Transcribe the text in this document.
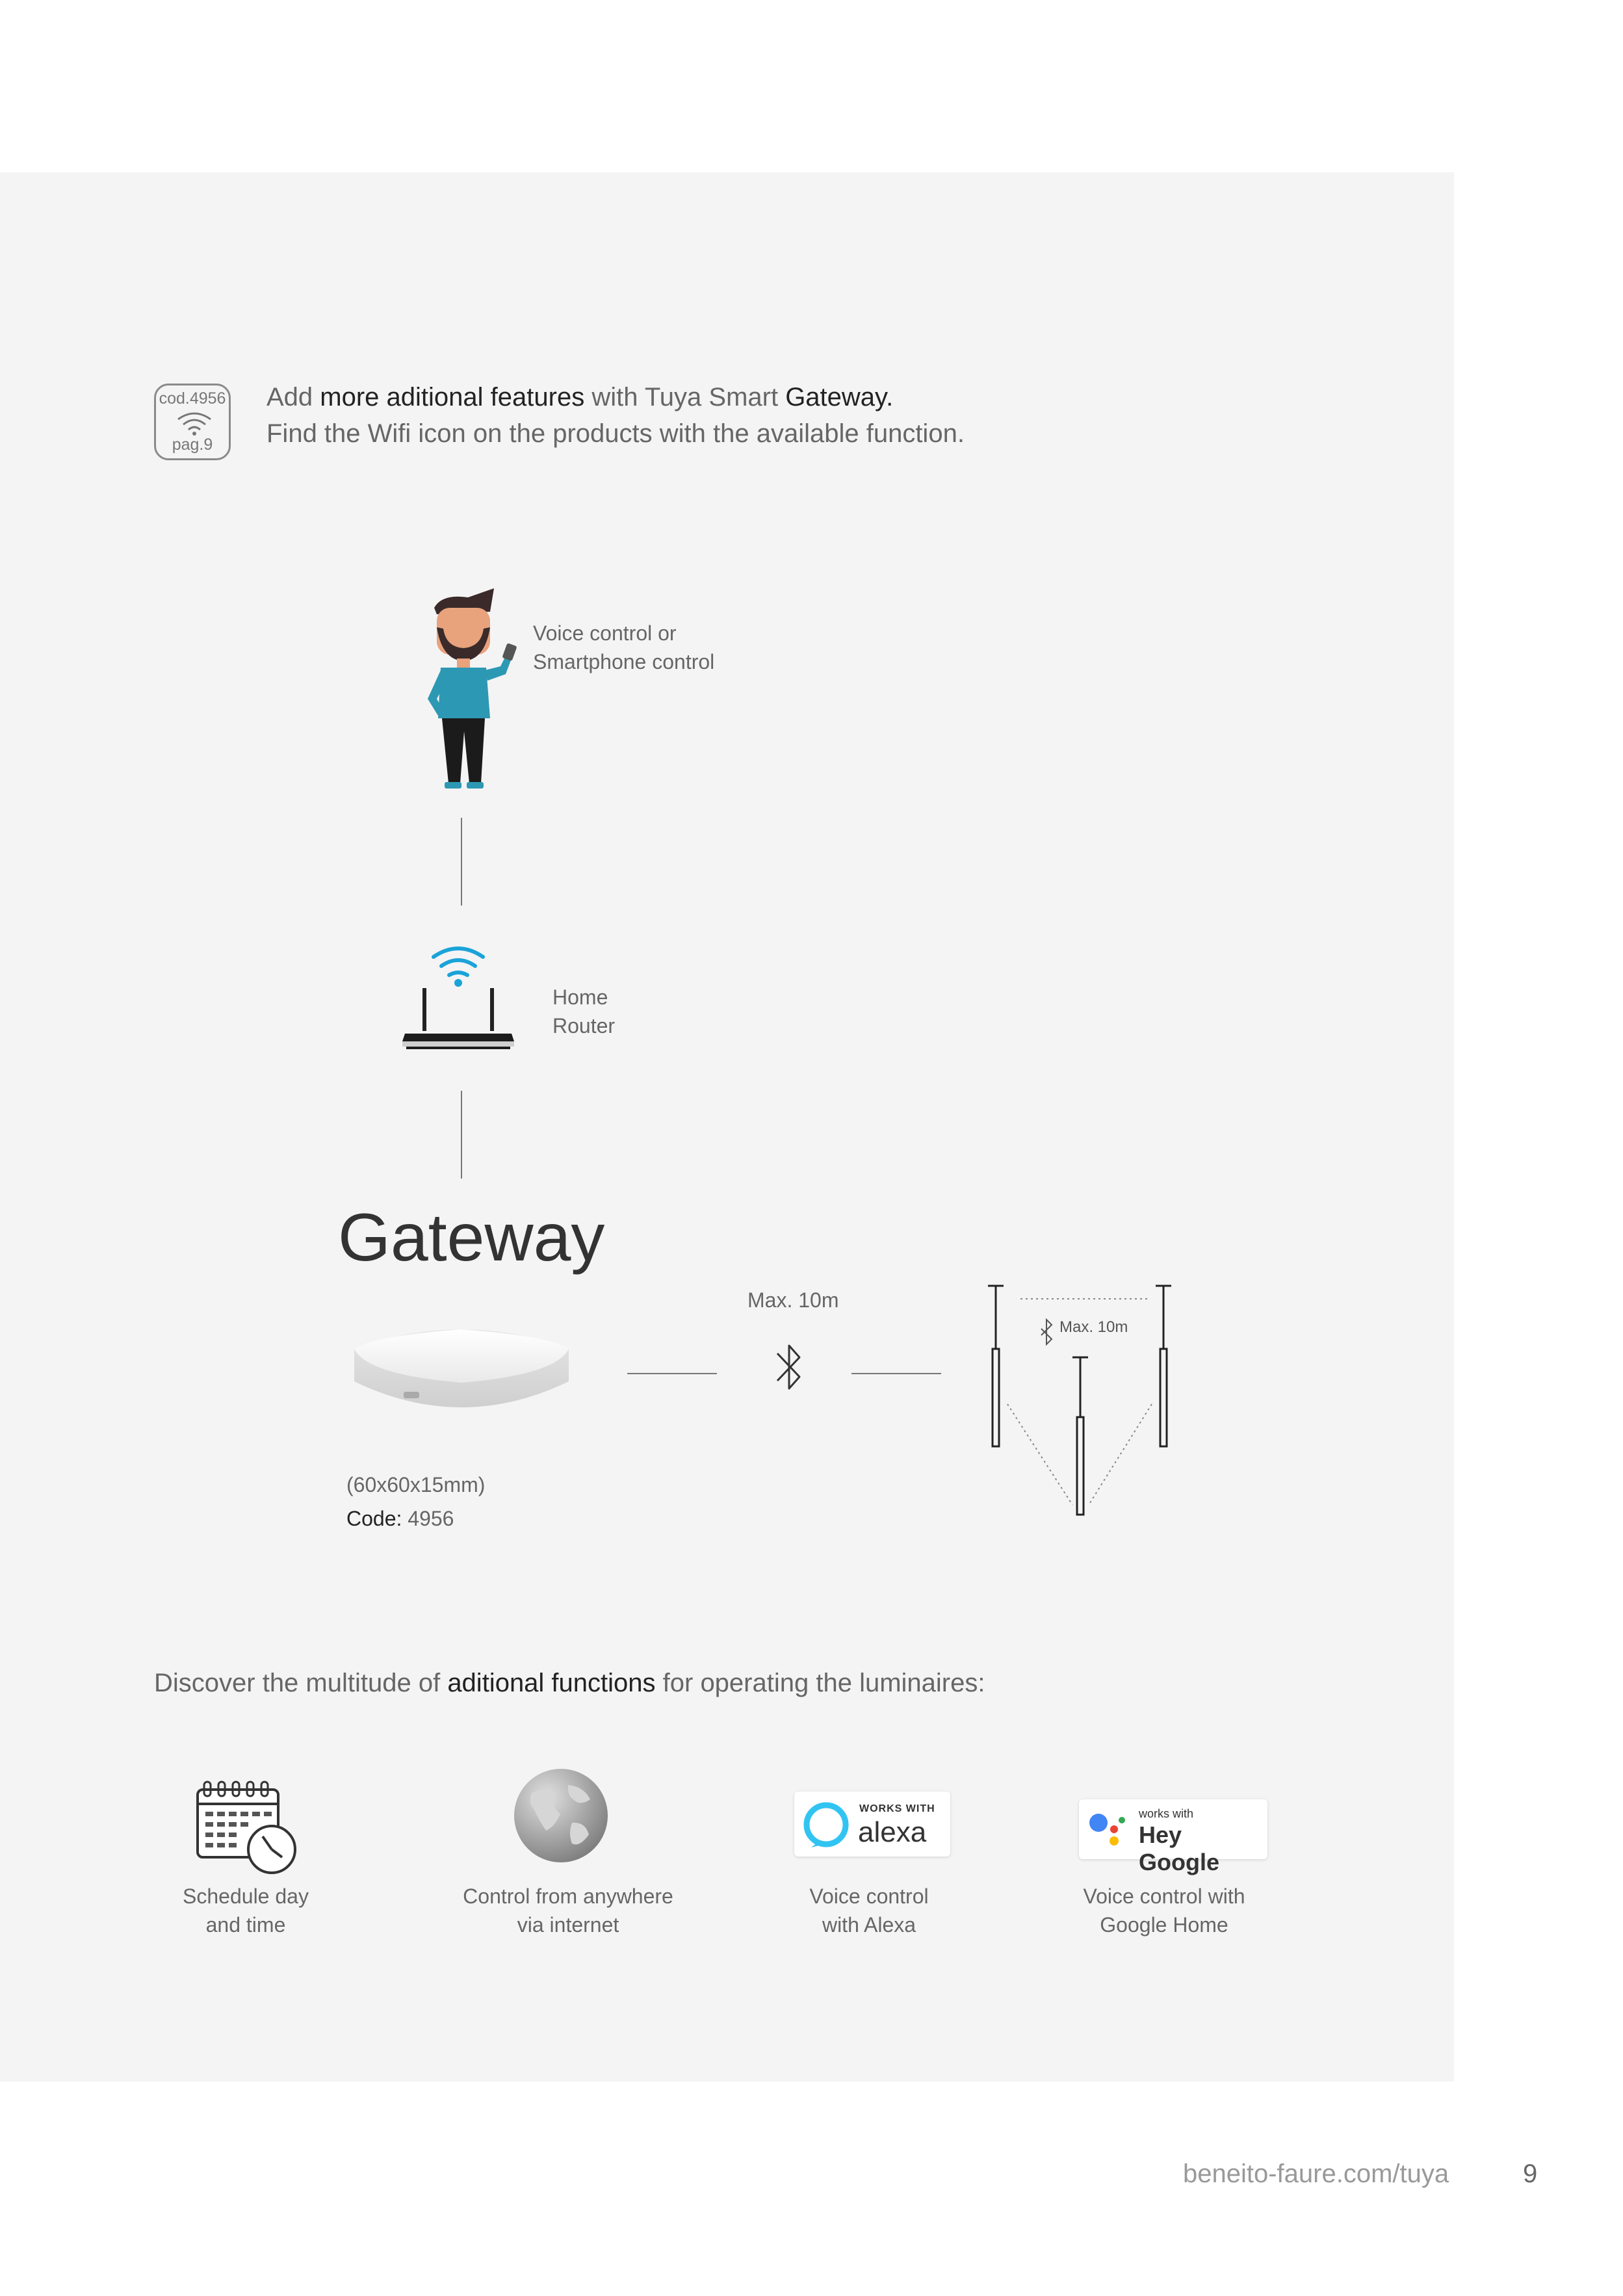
cod.4956
pag.9
Add more aditional features with Tuya Smart Gateway.
Find the Wifi icon on the products with the available function.
Voice control or
Smartphone control
Home
Router
Gateway
(60x60x15mm)
Code: 4956
Max. 10m
Max. 10m
Discover the multitude of aditional functions for operating the luminaires:
Schedule day
and time
Control from anywhere
via internet
WORKS WITH
alexa
Voice control
with Alexa
works with
Hey Google
Voice control with
Google Home
beneito-faure.com/tuya	9
